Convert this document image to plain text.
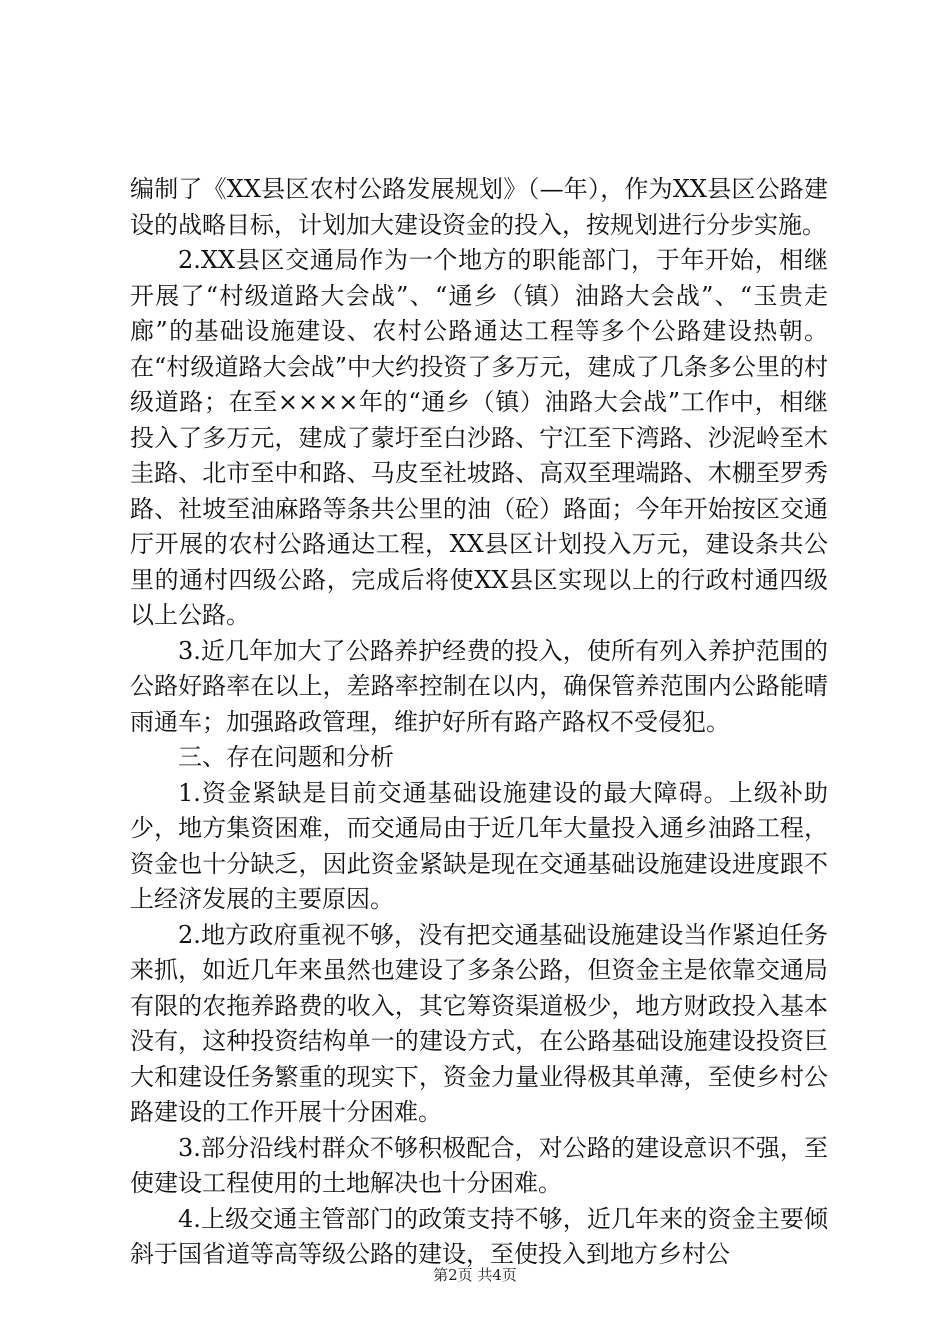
编制了《XX县区农村公路发展规划》（—年），作为XX县区公路建设的战略目标，计划加大建设资金的投入，按规划进行分步实施。

2.XX县区交通局作为一个地方的职能部门，于年开始，相继开展了“村级道路大会战”、“通乡（镇）油路大会战”、“玉贵走廊”的基础设施建设、农村公路通达工程等多个公路建设热朝。在“村级道路大会战”中大约投资了多万元，建成了几条多公里的村级道路；在至××××年的“通乡（镇）油路大会战”工作中，相继投入了多万元，建成了蒙圩至白沙路、宁江至下湾路、沙泥岭至木圭路、北市至中和路、马皮至社坡路、高双至理端路、木棚至罗秀路、社坡至油麻路等条共公里的油（砼）路面；今年开始按区交通厅开展的农村公路通达工程，XX县区计划投入万元，建设条共公里的通村四级公路，完成后将使XX县区实现以上的行政村通四级以上公路。

3.近几年加大了公路养护经费的投入，使所有列入养护范围的公路好路率在以上，差路率控制在以内，确保管养范围内公路能晴雨通车；加强路政管理，维护好所有路产路权不受侵犯。

三、存在问题和分析

1.资金紧缺是目前交通基础设施建设的最大障碍。上级补助少，地方集资困难，而交通局由于近几年大量投入通乡油路工程，资金也十分缺乏，因此资金紧缺是现在交通基础设施建设进度跟不上经济发展的主要原因。

2.地方政府重视不够，没有把交通基础设施建设当作紧迫任务来抓，如近几年来虽然也建设了多条公路，但资金主是依靠交通局有限的农拖养路费的收入，其它筹资渠道极少，地方财政投入基本没有，这种投资结构单一的建设方式，在公路基础设施建设投资巨大和建设任务繁重的现实下，资金力量业得极其单薄，至使乡村公路建设的工作开展十分困难。

3.部分沿线村群众不够积极配合，对公路的建设意识不强，至使建设工程使用的土地解决也十分困难。

4.上级交通主管部门的政策支持不够，近几年来的资金主要倾斜于国省道等高等级公路的建设，至使投入到地方乡村公

第2页 共4页
